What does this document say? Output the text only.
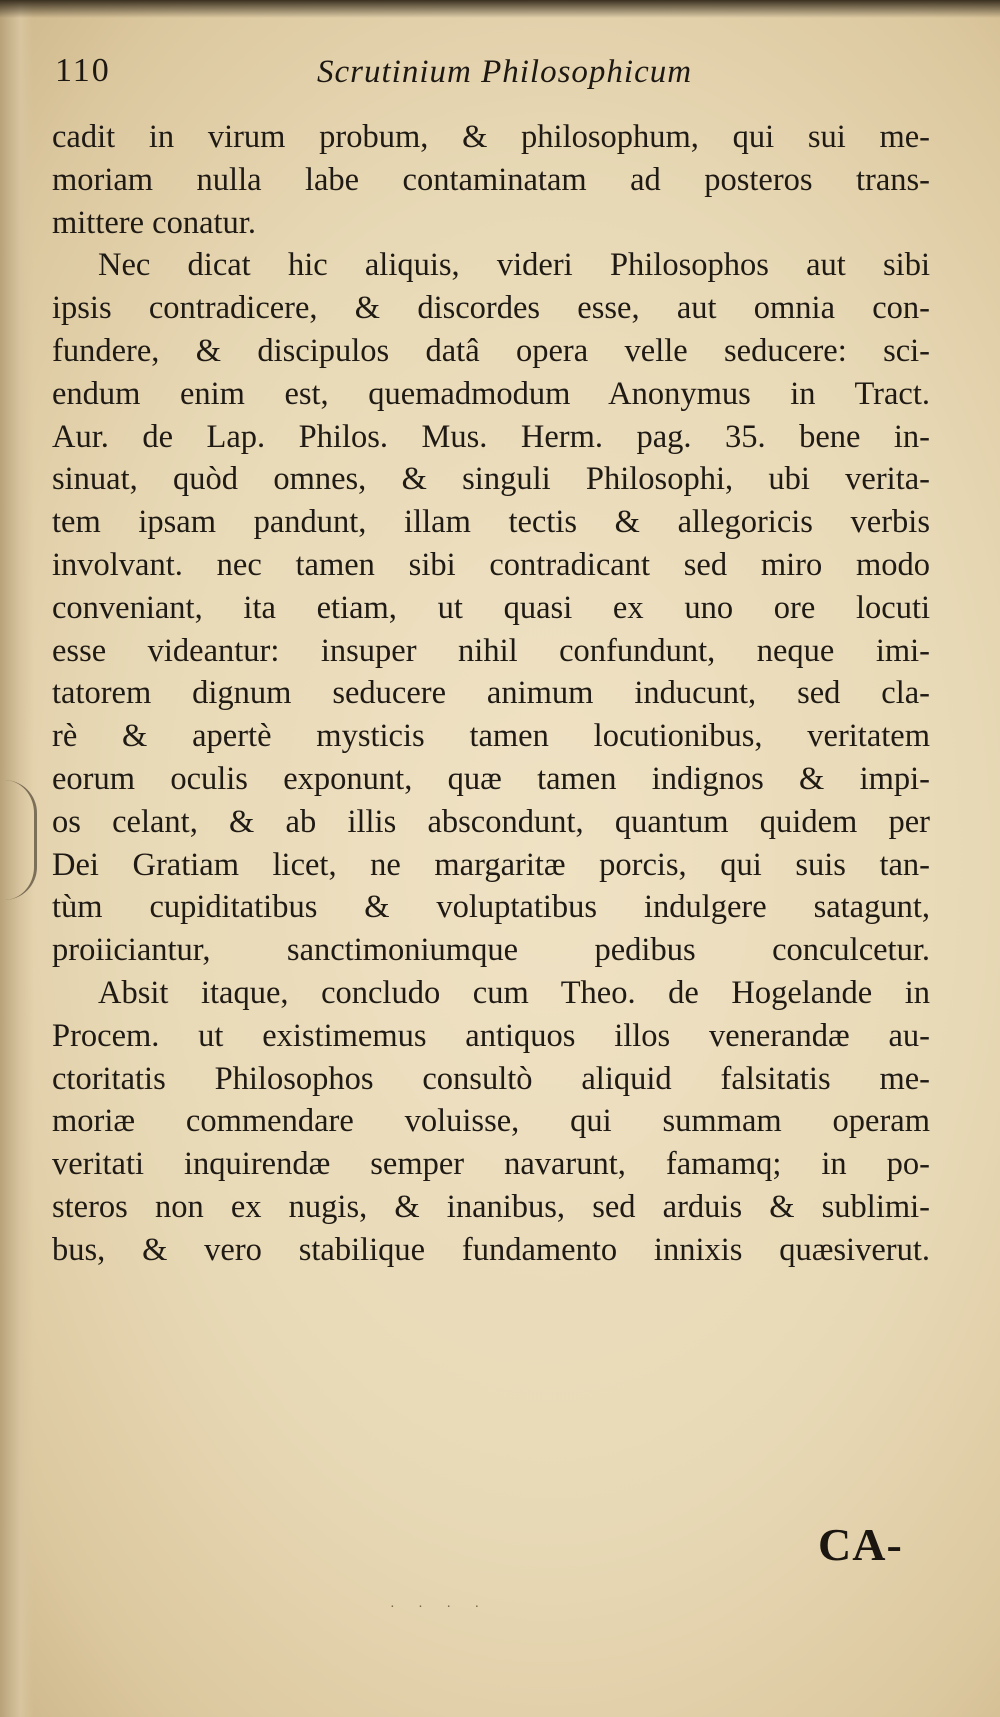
110	Scrutinium Philosophicum
cadit in virum probum, & philosophum, qui sui me-
moriam nulla labe contaminatam ad posteros trans-
mittere conatur.
Nec dicat hic aliquis, videri Philosophos aut sibi
ipsis contradicere, & discordes esse, aut omnia con-
fundere, & discipulos datâ opera velle seducere: sci-
endum enim est, quemadmodum Anonymus in Tract.
Aur. de Lap. Philos. Mus. Herm. pag. 35. bene in-
sinuat, quòd omnes, & singuli Philosophi, ubi verita-
tem ipsam pandunt, illam tectis & allegoricis verbis
involvant. nec tamen sibi contradicant sed miro modo
conveniant, ita etiam, ut quasi ex uno ore locuti
esse videantur: insuper nihil confundunt, neque imi-
tatorem dignum seducere animum inducunt, sed cla-
rè & apertè mysticis tamen locutionibus, veritatem
eorum oculis exponunt, quæ tamen indignos & impi-
os celant, & ab illis abscondunt, quantum quidem per
Dei Gratiam licet, ne margaritæ porcis, qui suis tan-
tùm cupiditatibus & voluptatibus indulgere satagunt,
proiiciantur, sanctimoniumque pedibus conculcetur.
Absit itaque, concludo cum Theo. de Hogelande in
Procem. ut existimemus antiquos illos venerandæ au-
ctoritatis Philosophos consultò aliquid falsitatis me-
moriæ commendare voluisse, qui summam operam
veritati inquirendæ semper navarunt, famamq; in po-
steros non ex nugis, & inanibus, sed arduis & sublimi-
bus, & vero stabilique fundamento innixis quæsiverut.
CA-
· · · ·
